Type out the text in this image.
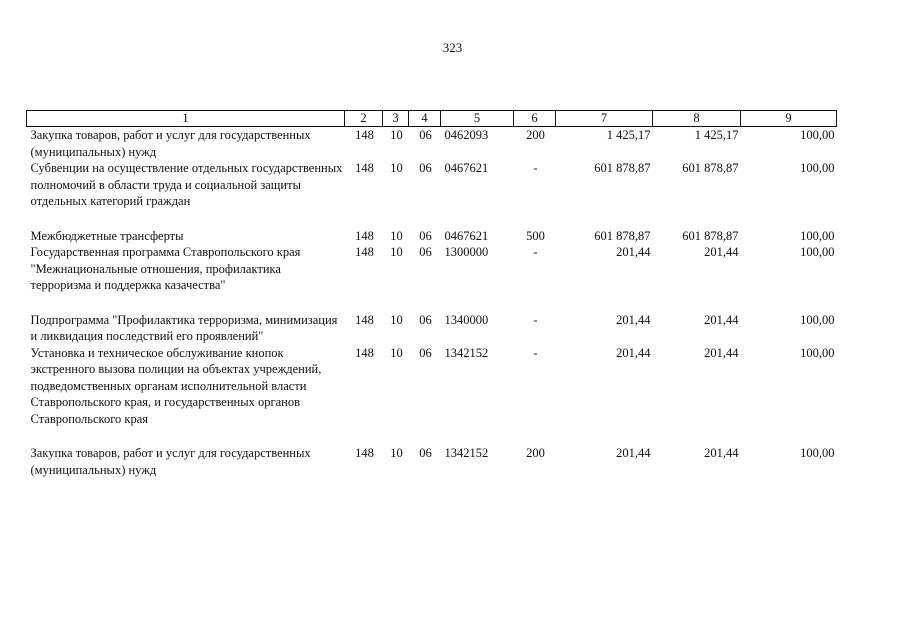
323
1	2	3	4	5	6	7	8	9
Закупка товаров, работ и услуг для государственных (муниципальных) нужд	148	10	06	0462093	200	1 425,17	1 425,17	100,00
Субвенции на осуществление отдельных государственных полномочий в области труда и социальной защиты отдельных категорий граждан	148	10	06	0467621	-	601 878,87	601 878,87	100,00

Межбюджетные трансферты	148	10	06	0467621	500	601 878,87	601 878,87	100,00
Государственная программа Ставропольского края "Межнациональные отношения, профилактика терроризма и поддержка казачества"	148	10	06	1300000	-	201,44	201,44	100,00

Подпрограмма "Профилактика терроризма, минимизация и ликвидация последствий его проявлений"	148	10	06	1340000	-	201,44	201,44	100,00
Установка и техническое обслуживание кнопок экстренного вызова полиции на объектах учреждений, подведомственных органам исполнительной власти Ставропольского края, и государственных органов Ставропольского края	148	10	06	1342152	-	201,44	201,44	100,00

Закупка товаров, работ и услуг для государственных (муниципальных) нужд	148	10	06	1342152	200	201,44	201,44	100,00
